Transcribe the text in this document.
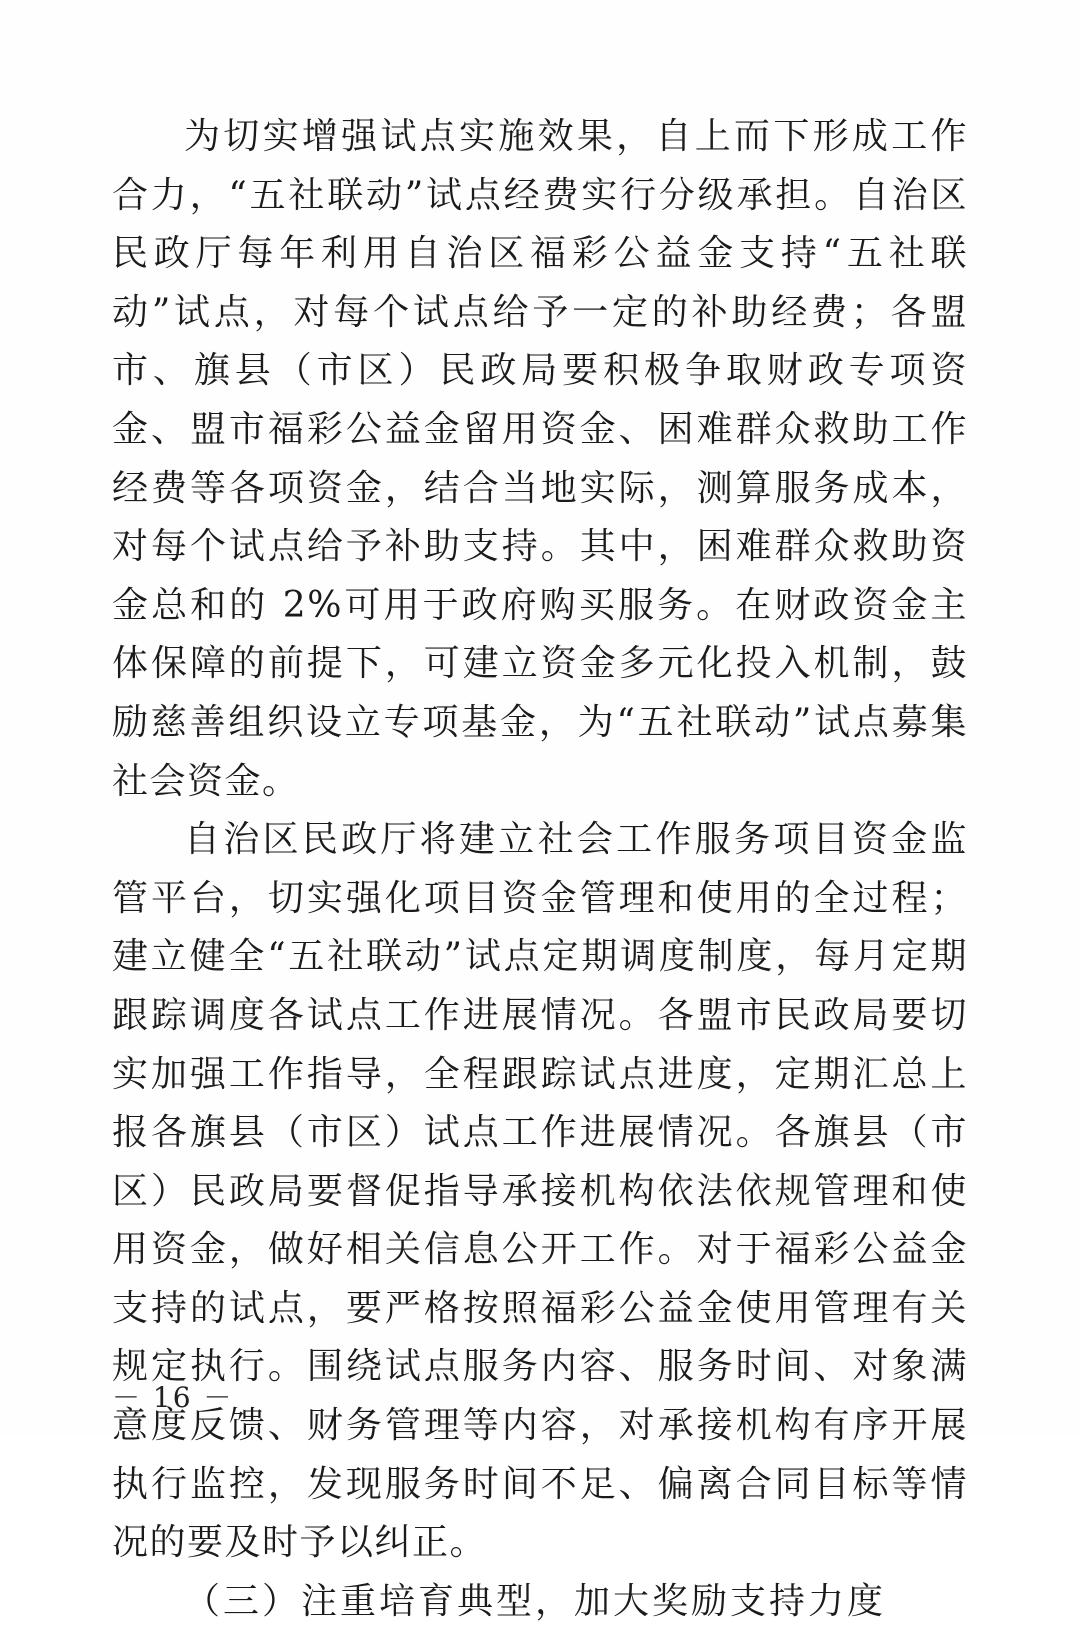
为切实增强试点实施效果，自上而下形成工作合力，“五社联动”试点经费实行分级承担。自治区民政厅每年利用自治区福彩公益金支持“五社联动”试点，对每个试点给予一定的补助经费；各盟市、旗县（市区）民政局要积极争取财政专项资金、盟市福彩公益金留用资金、困难群众救助工作经费等各项资金，结合当地实际，测算服务成本，对每个试点给予补助支持。其中，困难群众救助资金总和的 2%可用于政府购买服务。在财政资金主体保障的前提下，可建立资金多元化投入机制，鼓励慈善组织设立专项基金，为“五社联动”试点募集社会资金。

自治区民政厅将建立社会工作服务项目资金监管平台，切实强化项目资金管理和使用的全过程；建立健全“五社联动”试点定期调度制度，每月定期跟踪调度各试点工作进展情况。各盟市民政局要切实加强工作指导，全程跟踪试点进度，定期汇总上报各旗县（市区）试点工作进展情况。各旗县（市区）民政局要督促指导承接机构依法依规管理和使用资金，做好相关信息公开工作。对于福彩公益金支持的试点，要严格按照福彩公益金使用管理有关规定执行。围绕试点服务内容、服务时间、对象满意度反馈、财务管理等内容，对承接机构有序开展执行监控，发现服务时间不足、偏离合同目标等情况的要及时予以纠正。

（三）注重培育典型，加大奖励支持力度

－ 16 －
